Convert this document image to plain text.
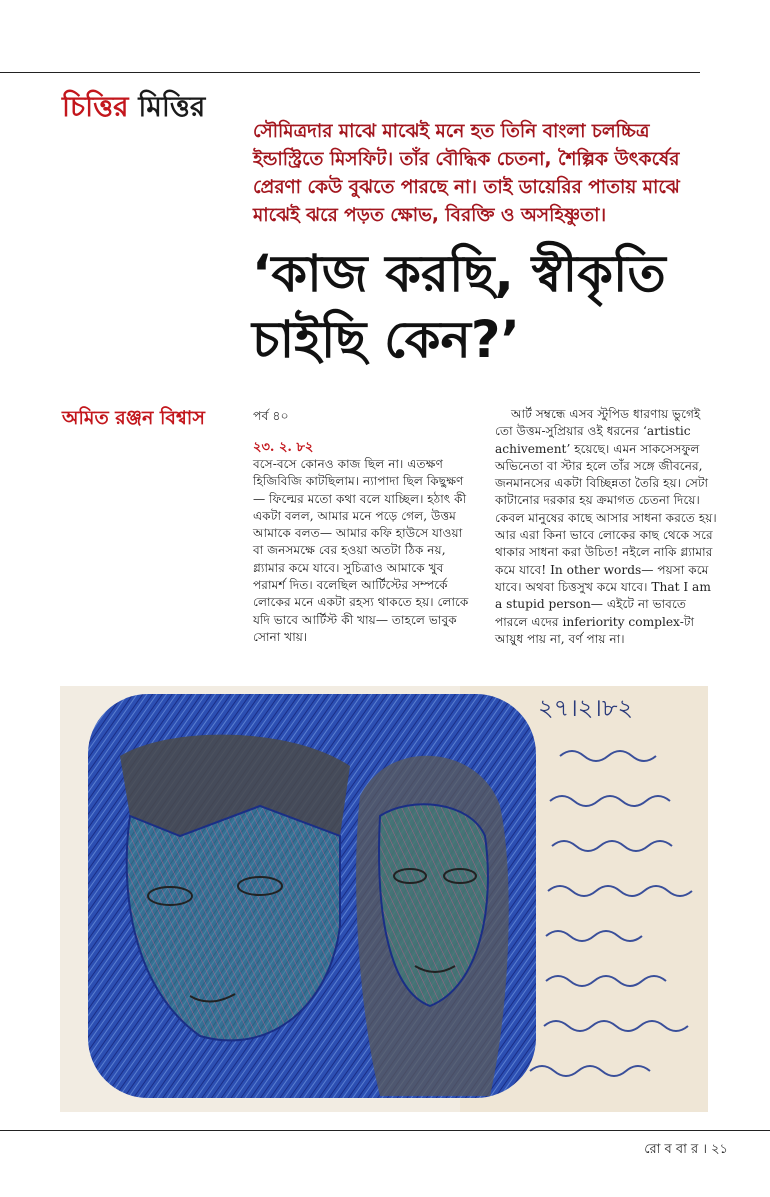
চিত্তির মিত্তির

সৌমিত্রদার মাঝে মাঝেই মনে হত তিনি বাংলা চলচ্চিত্র ইন্ডাস্ট্রিতে মিসফিট। তাঁর বৌদ্ধিক চেতনা, শৈল্পিক উৎকর্ষের প্রেরণা কেউ বুঝতে পারছে না। তাই ডায়েরির পাতায় মাঝে মাঝেই ঝরে পড়ত ক্ষোভ, বিরক্তি ও অসহিষ্ণুতা।

‘কাজ করছি, স্বীকৃতি চাইছি কেন?’
অমিত রঞ্জন বিশ্বাস	পর্ব ৪০
২৩. ২. ৮২

বসে-বসে কোনও কাজ ছিল না। এতক্ষণ হিজিবিজি কাটছিলাম। ন্যাপাদা ছিল কিছুক্ষণ— ফিল্মের মতো কথা বলে যাচ্ছিল। হঠাৎ কী একটা বলল, আমার মনে পড়ে গেল, উত্তম আমাকে বলত— আমার কফি হাউসে যাওয়া বা জনসমক্ষে বের হওয়া অতটা ঠিক নয়, গ্ল্যামার কমে যাবে। সুচিত্রাও আমাকে খুব পরামর্শ দিত। বলেছিল আর্টিস্টের সম্পর্কে লোকের মনে একটা রহস্য থাকতে হয়। লোকে যদি ভাবে আর্টিস্ট কী খায়— তাহলে ভাবুক সোনা খায়।

আর্ট সম্বন্ধে এসব স্টুপিড ধারণায় ভুগেই তো উত্তম-সুপ্রিয়ার ওই ধরনের ‘artistic achivement’ হয়েছে। এমন সাকসেসফুল অভিনেতা বা স্টার হলে তাঁর সঙ্গে জীবনের, জনমানসের একটা বিচ্ছিন্নতা তৈরি হয়। সেটা কাটানোর দরকার হয় ক্রমাগত চেতনা দিয়ে। কেবল মানুষের কাছে আসার সাধনা করতে হয়। আর এরা কিনা ভাবে লোকের কাছ থেকে সরে থাকার সাধনা করা উচিত! নইলে নাকি গ্ল্যামার কমে যাবে! In other words— পয়সা কমে যাবে। অথবা চিত্তসুখ কমে যাবে। That I am a stupid person— এইটে না ভাবতে পারলে এদের inferiority complex-টা আয়ুধ পায় না, বর্ণ পায় না।

২৭।২।৮২
রো ব বা র । ২১
